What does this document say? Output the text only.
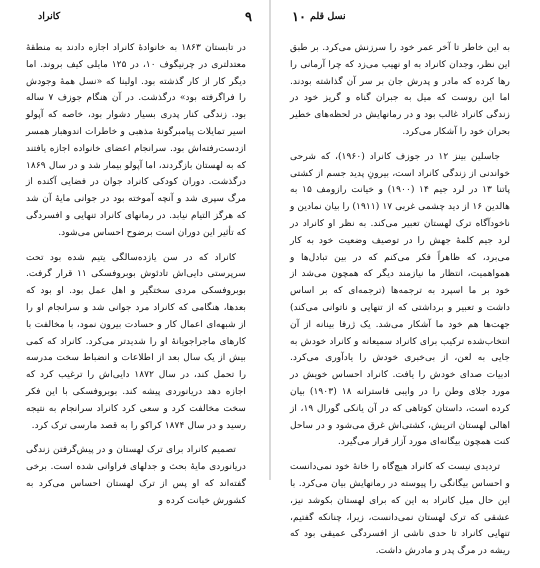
۹
کانراد

در تابستان ۱۸۶۳ به خانوادهٔ کانراد اجازه دادند به منطقهٔ معتدلتری در چرنیگوف ۱۰، در ۱۲۵ مایلی کیف بروند. اما دیگر کار از کار گذشته بود. اولینا که «نسل همهٔ وجودش را فراگرفته بود» درگذشت. در آن هنگام جوزف ۷ ساله بود. زندگی کنار پدری بسیار دشوار بود، خاصه که آپولو اسیر تمایلات پیامبرگونهٔ مذهبی و خاطرات اندوهبار همسر ازدست‌رفته‌اش بود. سرانجام اعضای خانواده اجازه یافتند که به لهستان بازگردند، اما آپولو بیمار شد و در سال ۱۸۶۹ درگذشت. دوران کودکی کانراد جوان در فضایی آکنده از مرگ سپری شد و آنچه آموخته بود در جوانی مایهٔ آن شد که هرگز التیام نیابد. در رمانهای کانراد تنهایی و افسردگی که تأثیر این دوران است برضوح احساس می‌شود.

کانراد که در سن یازده‌سالگی یتیم شده بود تحت سرپرستی دایی‌اش تادئوش بوبروفسکی ۱۱ قرار گرفت. بوبروفسکی مردی سختگیر و اهل عمل بود. او بود که بعدها، هنگامی که کانراد مرد جوانی شد و سرانجام او را از شبهه‌ای اعمال کار و حسادت بیرون نمود، با مخالفت با کارهای ماجراجویانهٔ او را شدیدتر می‌کرد. کانراد که کمی بیش از یک سال بعد از اطلاعات و انضباط سخت مدرسه را تحمل کند، در سال ۱۸۷۲ دایی‌اش را ترغیب کرد که اجازه دهد دریانوردی پیشه کند. بوبروفسکی با این فکر سخت مخالفت کرد و سعی کرد کانراد سرانجام به نتیجه رسید و در سال ۱۸۷۴ کراکو را به قصد مارسی ترک کرد.

تصمیم کانراد برای ترک لهستان و در پیش‌گرفتن زندگی دریانوردی مایهٔ بحث و جدلهای فراوانی شده است. برخی گفته‌اند که او پس از ترک لهستان احساس می‌کرد به کشورش خیانت کرده و

۱۰ نسل قلم

به این خاطر تا آخر عمر خود را سرزنش می‌کرد. بر طبق این نظر، وجدان کانراد به او نهیب می‌زد که چرا آرمانی را رها کرده که مادر و پدرش جان بر سر آن گذاشته بودند. اما این روست که میل به جبران گناه و گریز خود در زندگی کانراد غالب بود و در رمانهایش در لحظه‌های خطیر بحران خود را آشکار می‌کرد.

جاسلین بینز ۱۲ در جوزف کانراد (۱۹۶۰)، که شرحی خواندنی از زندگی کانراد است، بیرونِ پدید جسم از کشتی پاتنا ۱۳ در لرد جیم ۱۴ (۱۹۰۰) و خیانت رازومف ۱۵ به هالدین ۱۶ از دید چشمی غربی ۱۷ (۱۹۱۱) را بیان نمادین و ناخودآگاه ترک لهستان تعبیر می‌کند. به نظر او کانراد در لرد جیم کلمهٔ جهش را در توصیف وضعیت خود به کار می‌برد، که ظاهراً فکر می‌کنم که در بین تبادل‌ها و همواهمیت، انتظار ما نیازمند دیگر که همچون می‌شد از خود بر ما اسپرد به ترجمه‌ها (ترجمه‌ای که بر اساس داشت و تعبیر و برداشتی که از تنهایی و ناتوانی می‌کند) جهت‌ها هم خود ما آشکار می‌شد. یک ژرفا بینانه از آن انتخاب‌شده ترکیب برای کانراد سمیعانه و کانراد خودش به جایی به لعن، از بی‌خبری خودش را یادآوری می‌کرد. ادبیات صدای خودش را یافت. کانراد احساس خویش در مورد جلای وطن را در وایبی فاسترانه ۱۸ (۱۹۰۳) بیان کرده است، داستان کوتاهی که در آن یانکی گورال ۱۹، از اهالی لهستان اتریش، کشتی‌اش غرق می‌شود و در ساحل کنت همچون بیگانه‌ای مورد آزار قرار می‌گیرد.

تردیدی نیست که کانراد هیچ‌گاه را خانهٔ خود نمی‌دانست و احساس بیگانگی را پیوسته در رمانهایش بیان می‌کرد. با این حال میل کانراد به این که برای لهستان بکوشد نیز، عشقی که ترک لهستان نمی‌دانست، زیرا، چنانکه گفتیم، تنهایی کانراد تا حدی ناشی از افسردگی عمیقی بود که ریشه در مرگ پدر و مادرش داشت.
